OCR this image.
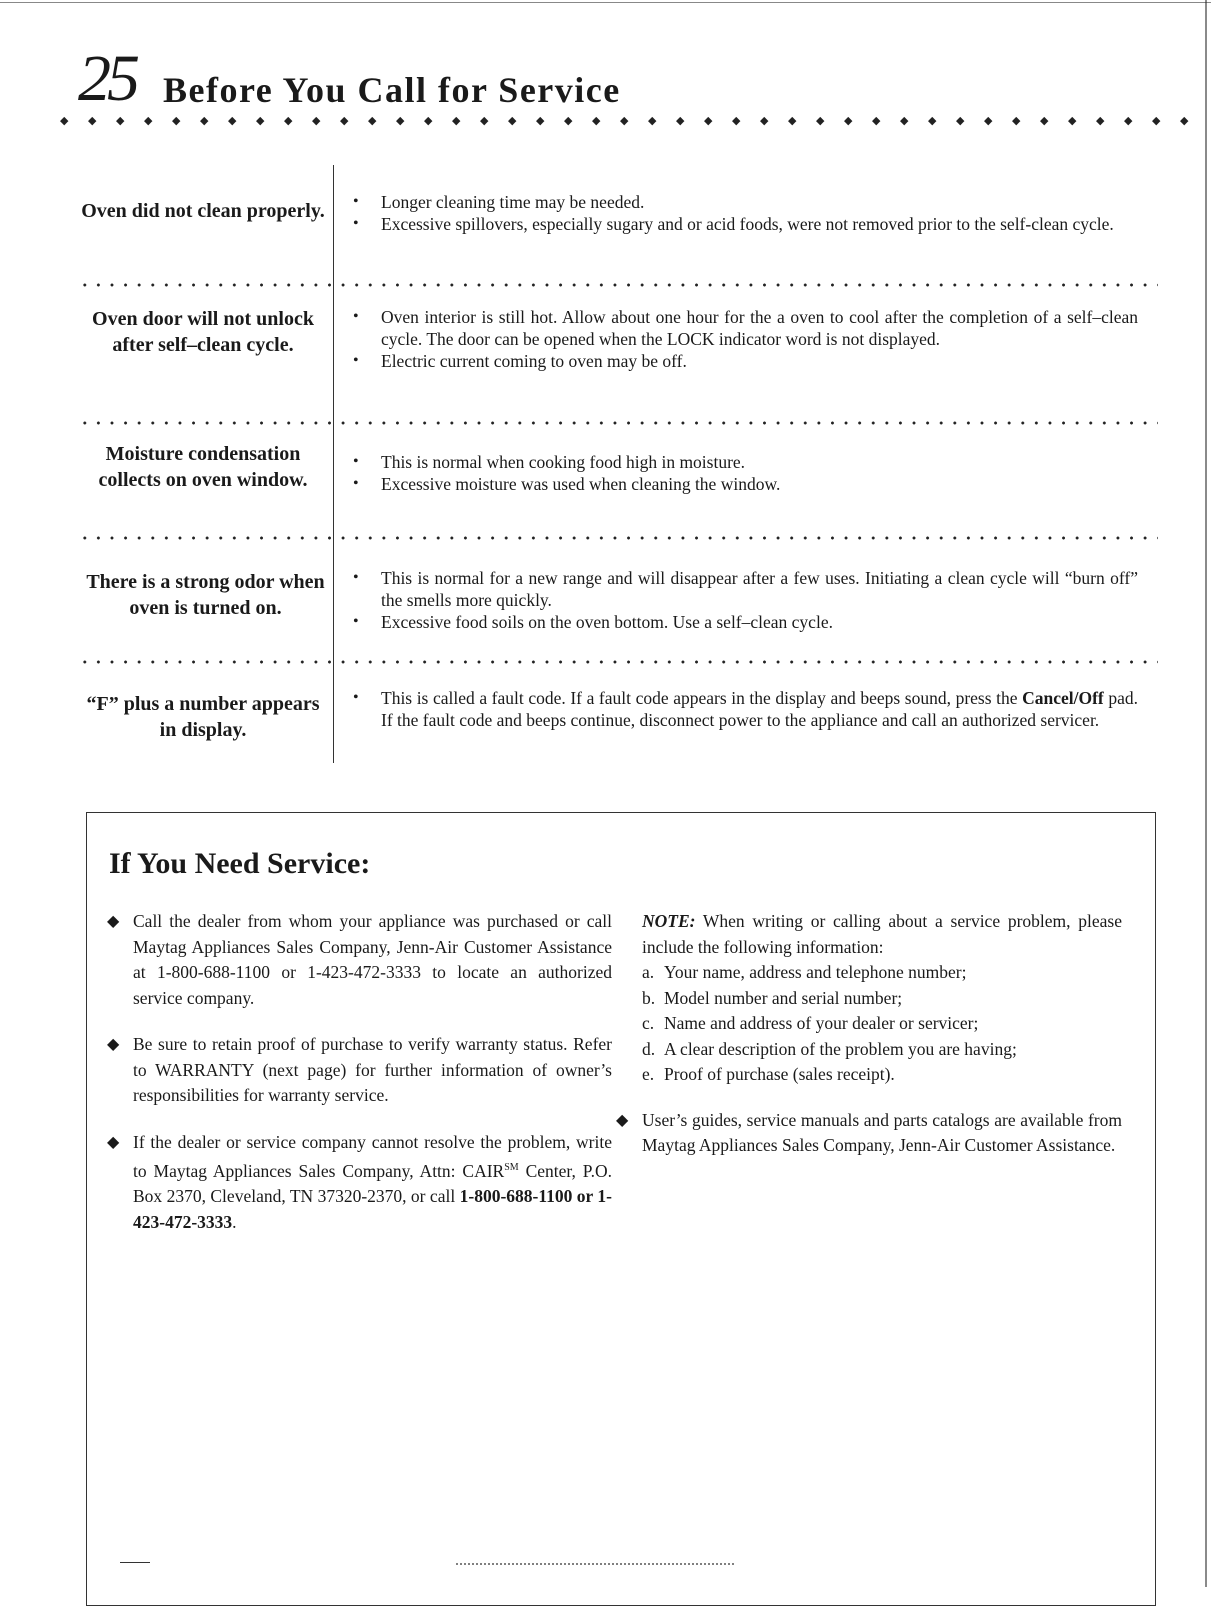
25 Before You Call for Service
◆ ◆ ◆ ◆ ◆ ◆ ◆ ◆ ◆ ◆ ◆ ◆ ◆ ◆ ◆ ◆ ◆ ◆ ◆ ◆ ◆ ◆ ◆ ◆ ◆ ◆ ◆ ◆ ◆ ◆ ◆ ◆ ◆ ◆ ◆ ◆ ◆ ◆ ◆ ◆ ◆
Oven did not clean properly. •	Longer cleaning time may be needed.
•	Excessive spillovers, especially sugary and or acid foods, were not removed prior to the self-clean cycle.
Oven door will not unlock after self–clean cycle.
•	Oven interior is still hot. Allow about one hour for the a oven to cool after the completion of a self–clean cycle. The door can be opened when the LOCK indicator word is not displayed.
•	Electric current coming to oven may be off.
Moisture condensation collects on oven window.
•	This is normal when cooking food high in moisture.
•	Excessive moisture was used when cleaning the window.
There is a strong odor when oven is turned on.
•	This is normal for a new range and will disappear after a few uses. Initiating a clean cycle will “burn off” the smells more quickly.
•	Excessive food soils on the oven bottom. Use a self–clean cycle.
“F” plus a number appears in display.
•	This is called a fault code. If a fault code appears in the display and beeps sound, press the Cancel/Off pad. If the fault code and beeps continue, disconnect power to the appliance and call an authorized servicer.
If You Need Service:
◆ Call the dealer from whom your appliance was purchased or call Maytag Appliances Sales Company, Jenn-Air Customer Assistance at 1-800-688-1100 or 1-423-472-3333 to locate an authorized service company.
◆ Be sure to retain proof of purchase to verify warranty status. Refer to WARRANTY (next page) for further information of owner’s responsibilities for warranty service.
◆ If the dealer or service company cannot resolve the problem, write to Maytag Appliances Sales Company, Attn: CAIR℠ Center, P.O. Box 2370, Cleveland, TN 37320-2370, or call 1-800-688-1100 or 1-423-472-3333.
NOTE: When writing or calling about a service problem, please include the following information:
a. Your name, address and telephone number;
b. Model number and serial number;
c. Name and address of your dealer or servicer;
d. A clear description of the problem you are having;
e. Proof of purchase (sales receipt).
◆ User’s guides, service manuals and parts catalogs are available from Maytag Appliances Sales Company, Jenn-Air Customer Assistance.
